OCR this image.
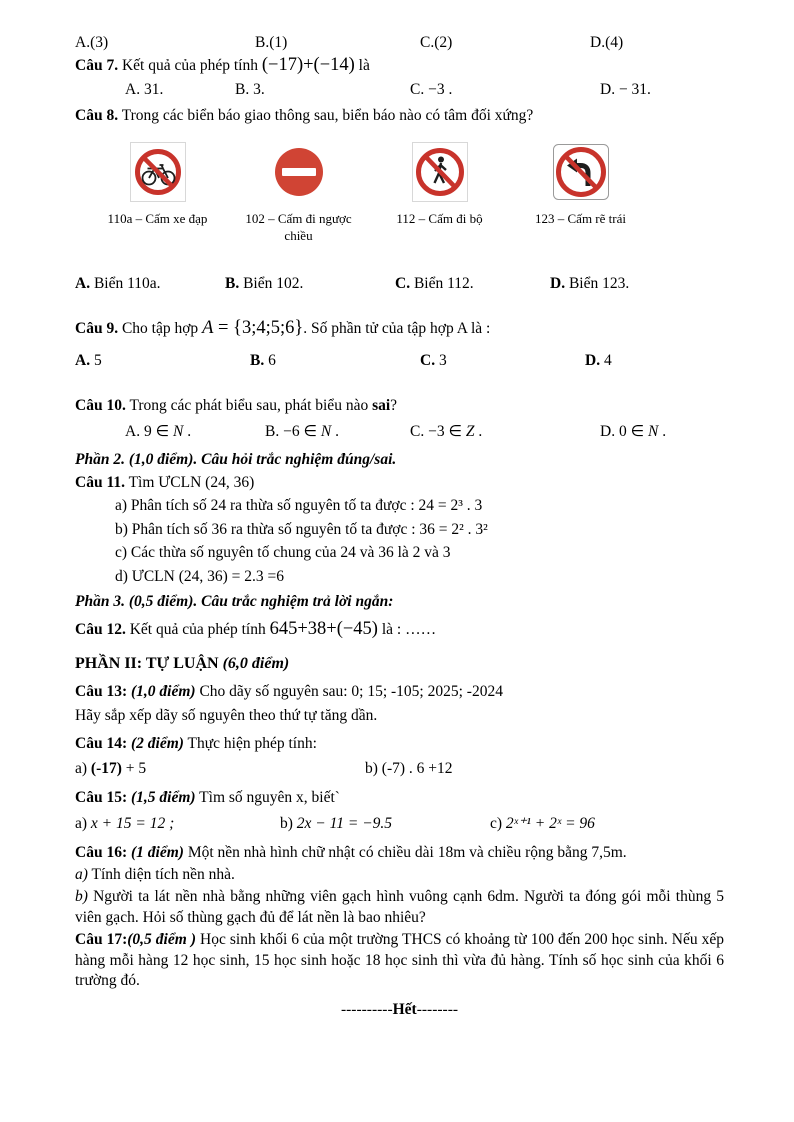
A.(3)	B.(1)	C.(2)	D.(4)

Câu 7. Kết quả của phép tính (−17)+(−14) là

A. 31.	B. 3.	C. −3 .	D. − 31.

Câu 8. Trong các biển báo giao thông sau, biển báo nào có tâm đối xứng?

110a – Cấm xe đạp	102 – Cấm đi ngược chiều
112 – Cấm đi bộ	123 – Cấm rẽ trái
A. Biển 110a.	B. Biển 102.	C. Biển 112.	D. Biển 123.

Câu 9. Cho tập hợp A = {3;4;5;6}. Số phần tử của tập hợp A là :

A. 5	B. 6	C. 3	D. 4

Câu 10. Trong các phát biểu sau, phát biểu nào sai?

A. 9 ∈ N .	B. −6 ∈ N .	C. −3 ∈ Z .	D. 0 ∈ N .

Phần 2. (1,0 điểm). Câu hỏi trắc nghiệm đúng/sai.

Câu 11. Tìm ƯCLN (24, 36)

a) Phân tích số 24 ra thừa số nguyên tố ta được : 24 = 2³ . 3

b) Phân tích số 36 ra thừa số nguyên tố ta được : 36 = 2² . 3²

c) Các thừa số nguyên tố chung của 24 và 36 là 2 và 3

d) ƯCLN (24, 36) = 2.3 =6

Phần 3. (0,5 điểm). Câu trắc nghiệm trả lời ngắn:

Câu 12. Kết quả của phép tính 645+38+(−45) là : ……

PHẦN II: TỰ LUẬN (6,0 điểm)

Câu 13: (1,0 điểm) Cho dãy số nguyên sau: 0; 15; -105; 2025; -2024

Hãy sắp xếp dãy số nguyên theo thứ tự tăng dần.

Câu 14: (2 điểm) Thực hiện phép tính:

a) (-17) + 5	b) (-7) . 6 +12

Câu 15: (1,5 điểm) Tìm số nguyên x, biết`

a) x + 15 = 12 ;	b) 2x − 11 = −9.5	c) 2ˣ⁺¹ + 2ˣ = 96

Câu 16: (1 điểm) Một nền nhà hình chữ nhật có chiều dài 18m và chiều rộng bằng 7,5m.

a) Tính diện tích nền nhà.

b) Người ta lát nền nhà bằng những viên gạch hình vuông cạnh 6dm. Người ta đóng gói mỗi thùng 5 viên gạch. Hỏi số thùng gạch đủ để lát nền là bao nhiêu?

Câu 17:(0,5 điểm ) Học sinh khối 6 của một trường THCS có khoảng từ 100 đến 200 học sinh. Nếu xếp hàng mỗi hàng 12 học sinh, 15 học sinh hoặc 18 học sinh thì vừa đủ hàng. Tính số học sinh của khối 6 trường đó.

----------Hết--------
